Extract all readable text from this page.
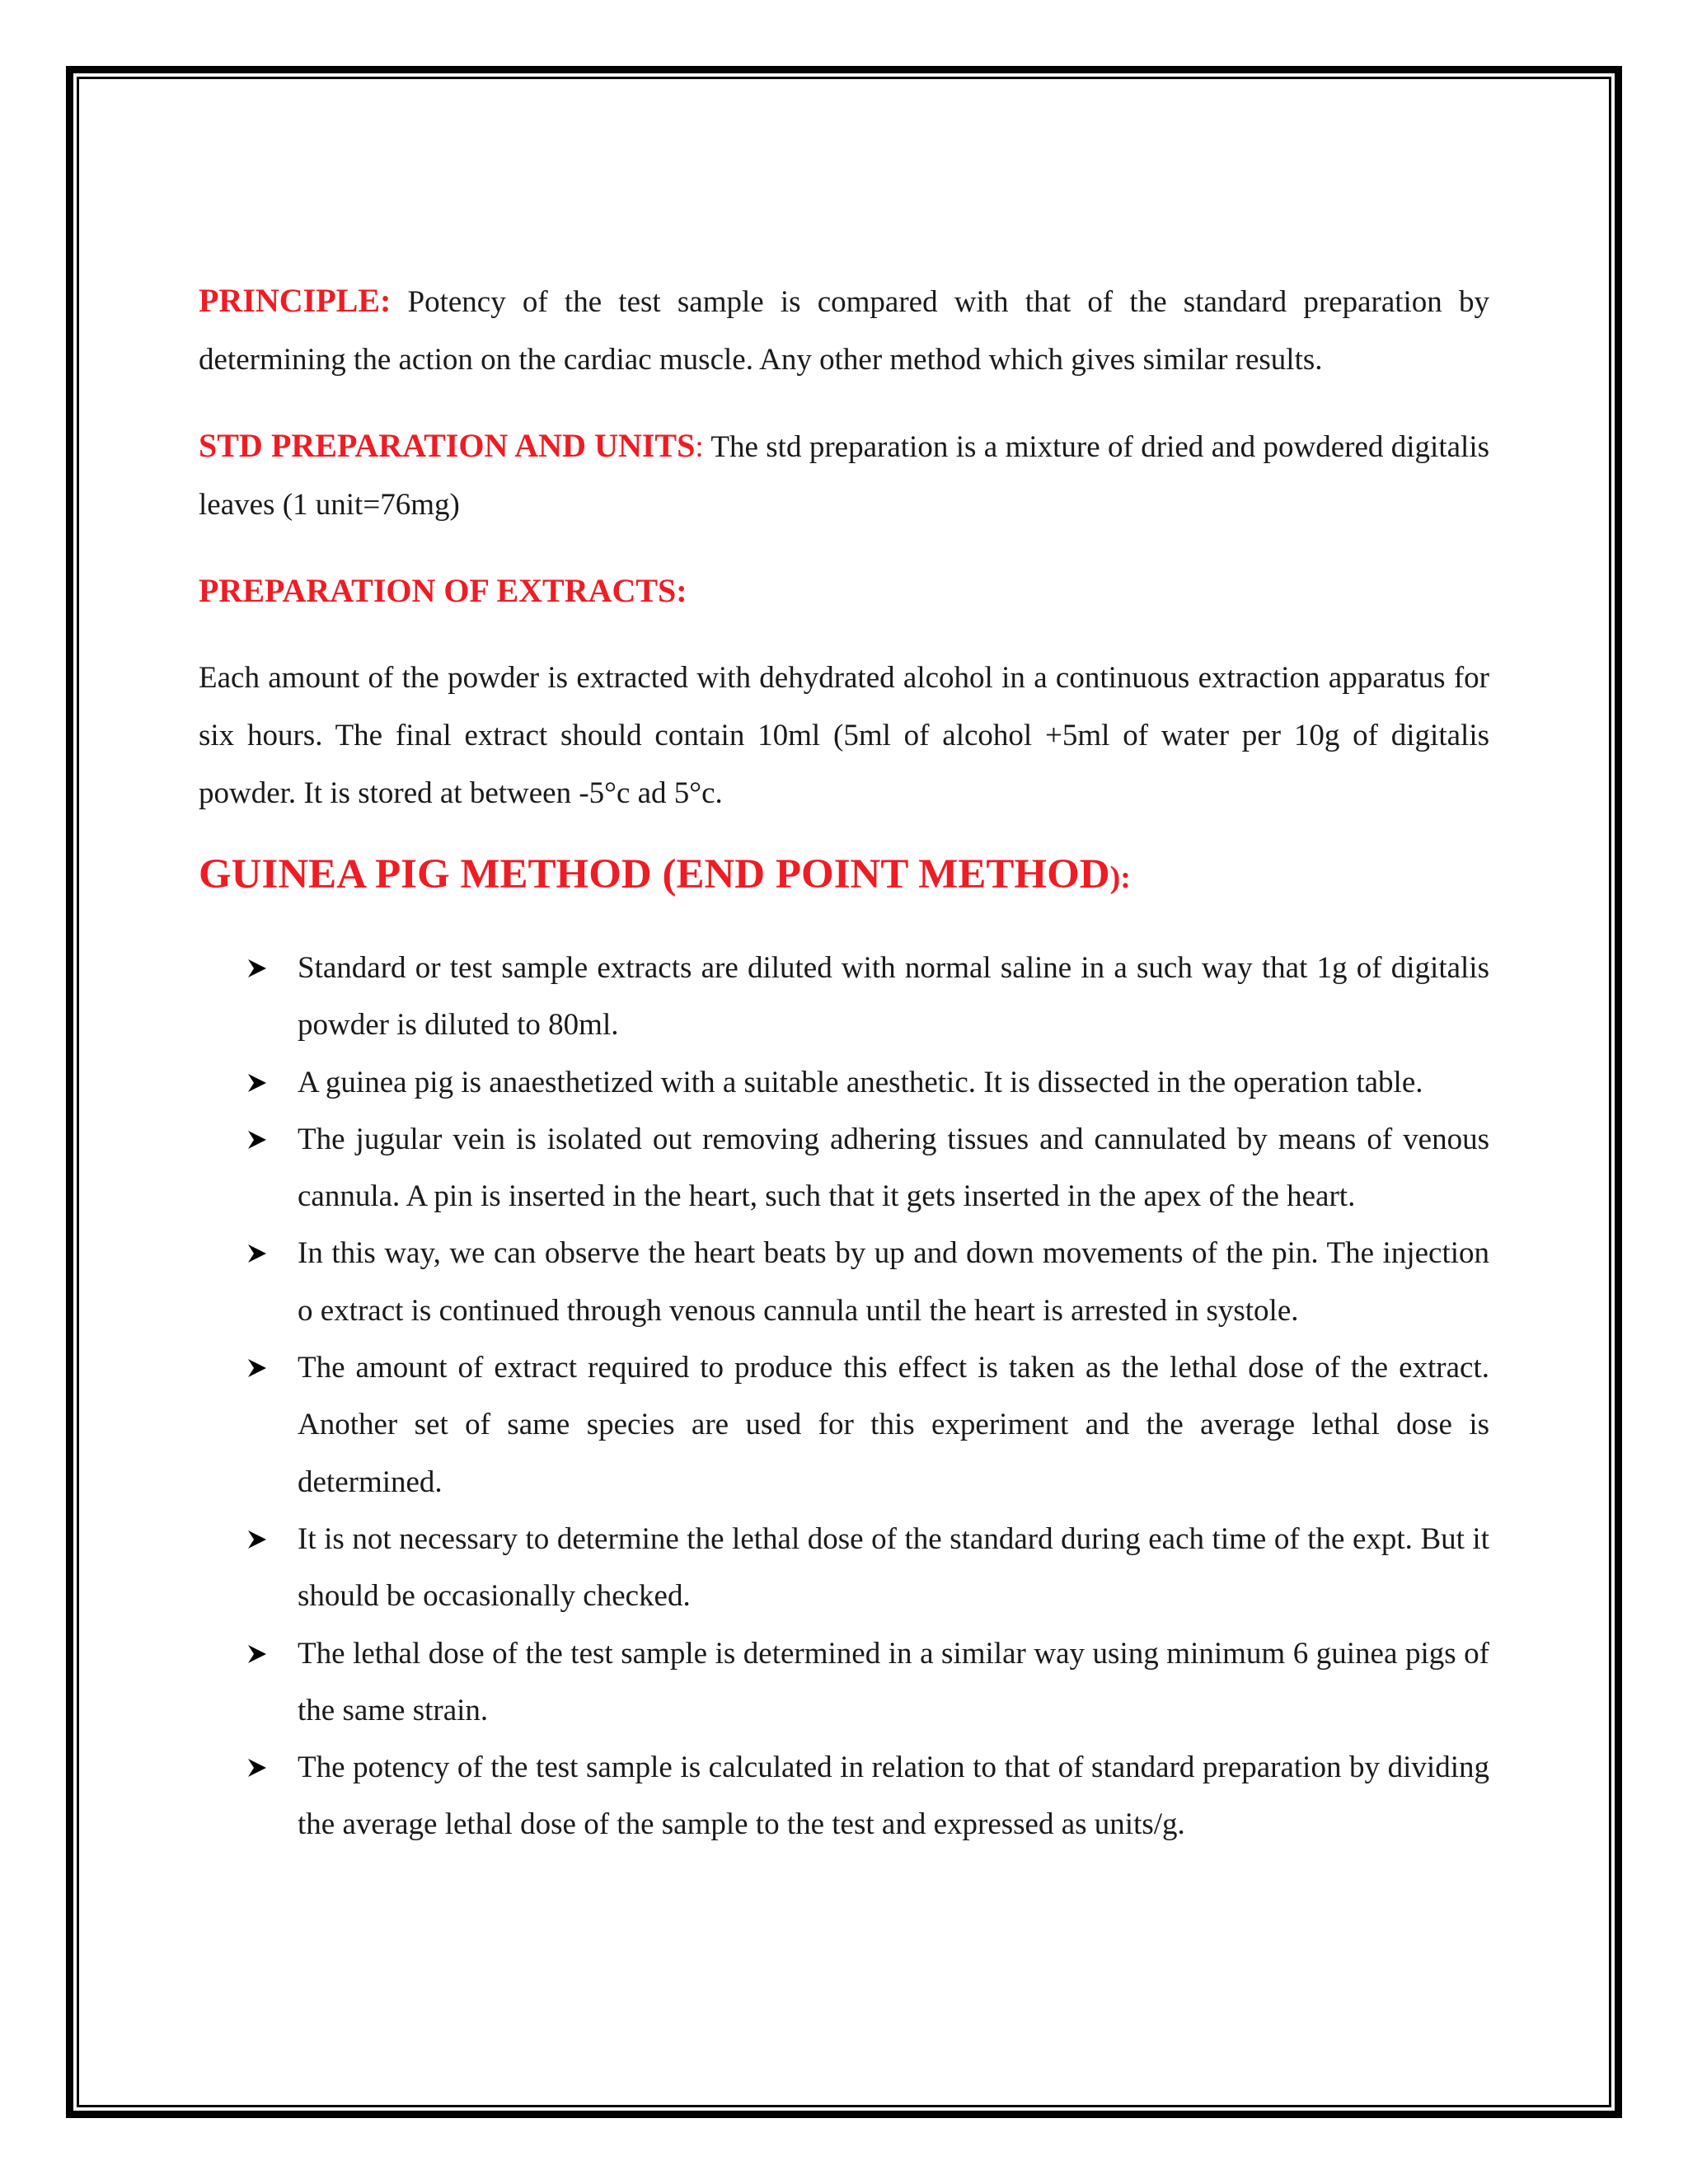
PRINCIPLE: Potency of the test sample is compared with that of the standard preparation by determining the action on the cardiac muscle. Any other method which gives similar results.

STD PREPARATION AND UNITS: The std preparation is a mixture of dried and powdered digitalis leaves (1 unit=76mg)

PREPARATION OF EXTRACTS:

Each amount of the powder is extracted with dehydrated alcohol in a continuous extraction apparatus for six hours. The final extract should contain 10ml (5ml of alcohol +5ml of water per 10g of digitalis powder. It is stored at between -5°c ad 5°c.

GUINEA PIG METHOD (END POINT METHOD):

Standard or test sample extracts are diluted with normal saline in a such way that 1g of digitalis powder is diluted to 80ml.
A guinea pig is anaesthetized with a suitable anesthetic. It is dissected in the operation table.
The jugular vein is isolated out removing adhering tissues and cannulated by means of venous cannula. A pin is inserted in the heart, such that it gets inserted in the apex of the heart.
In this way, we can observe the heart beats by up and down movements of the pin. The injection o extract is continued through venous cannula until the heart is arrested in systole.
The amount of extract required to produce this effect is taken as the lethal dose of the extract. Another set of same species are used for this experiment and the average lethal dose is determined.
It is not necessary to determine the lethal dose of the standard during each time of the expt. But it should be occasionally checked.
The lethal dose of the test sample is determined in a similar way using minimum 6 guinea pigs of the same strain.
The potency of the test sample is calculated in relation to that of standard preparation by dividing the average lethal dose of the sample to the test and expressed as units/g.
